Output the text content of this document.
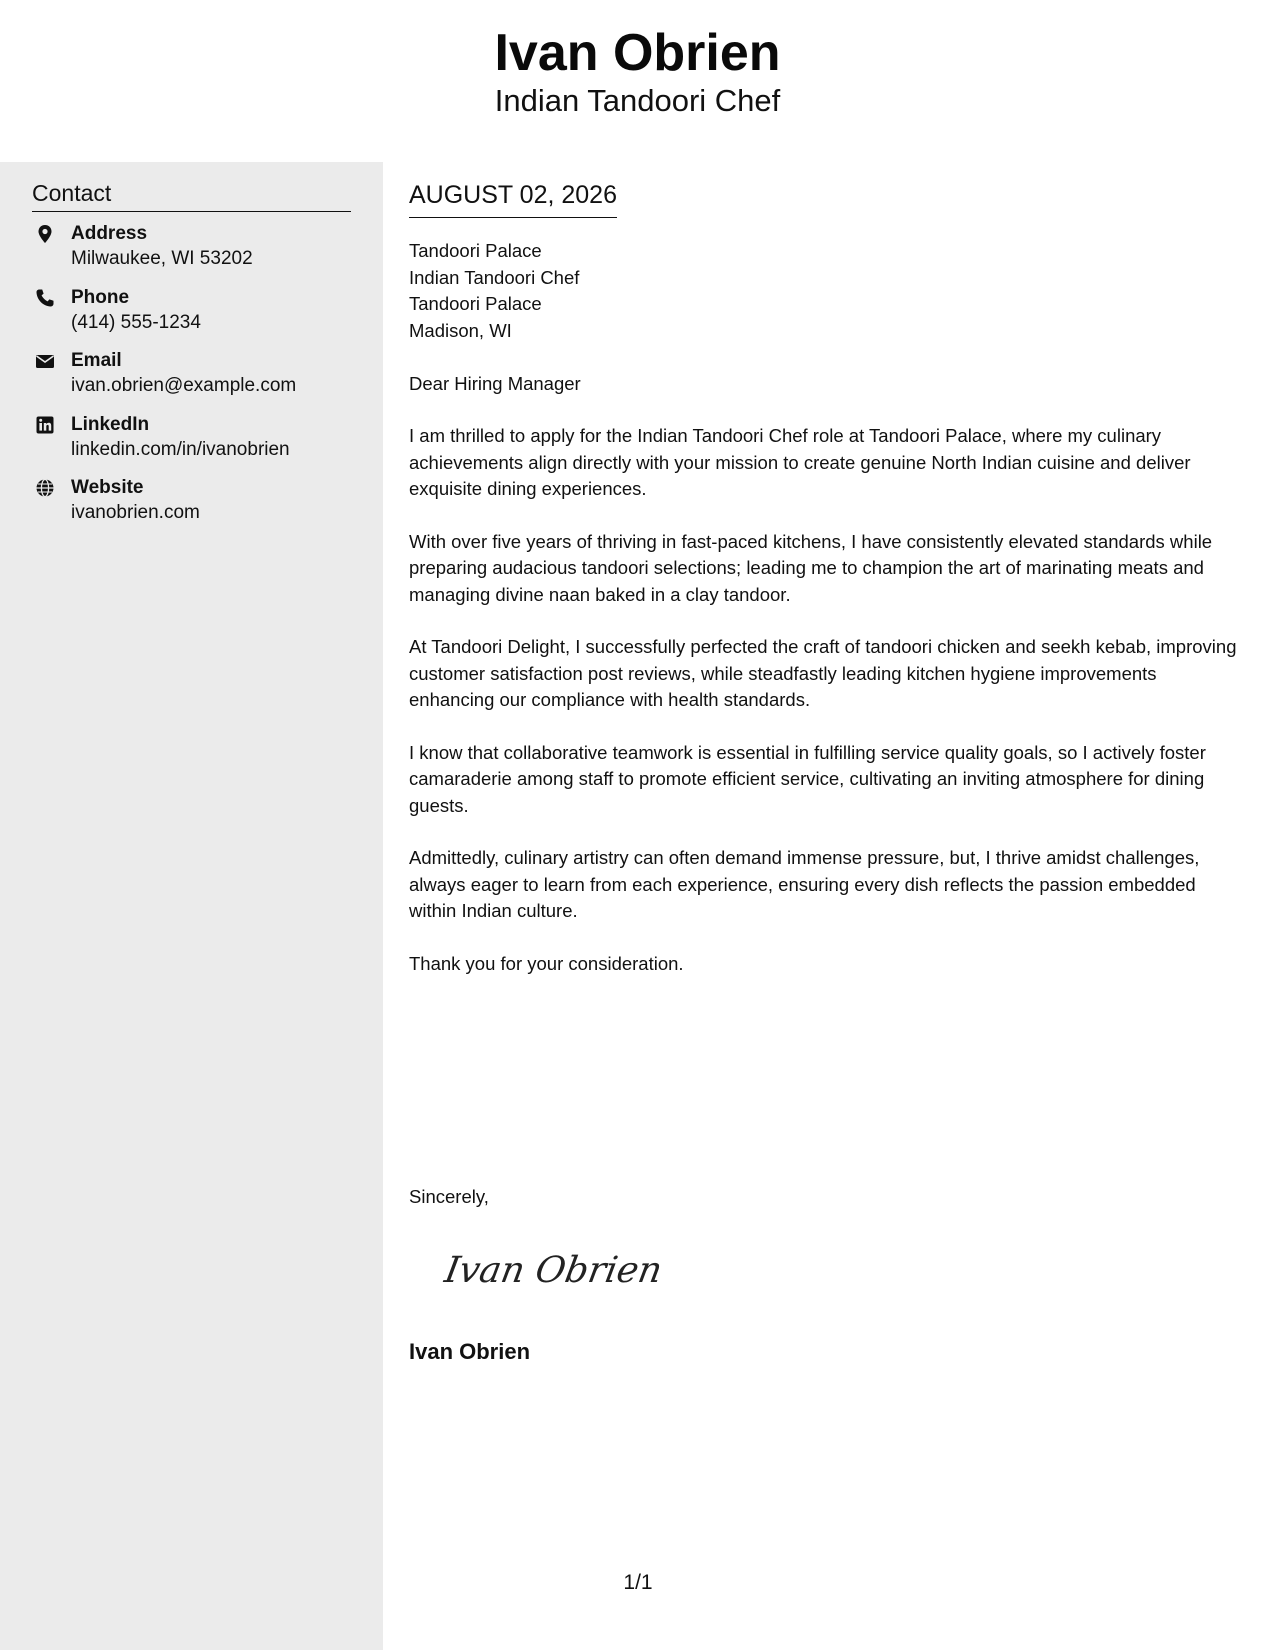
Ivan Obrien
Indian Tandoori Chef
Contact
Address
Milwaukee, WI 53202
Phone
(414) 555-1234
Email
ivan.obrien@example.com
LinkedIn
linkedin.com/in/ivanobrien
Website
ivanobrien.com
AUGUST 02, 2026
Tandoori Palace
Indian Tandoori Chef
Tandoori Palace
Madison, WI
Dear Hiring Manager

I am thrilled to apply for the Indian Tandoori Chef role at Tandoori Palace, where my culinary achievements align directly with your mission to create genuine North Indian cuisine and deliver exquisite dining experiences.

With over five years of thriving in fast-paced kitchens, I have consistently elevated standards while preparing audacious tandoori selections; leading me to champion the art of marinating meats and managing divine naan baked in a clay tandoor.

At Tandoori Delight, I successfully perfected the craft of tandoori chicken and seekh kebab, improving customer satisfaction post reviews, while steadfastly leading kitchen hygiene improvements enhancing our compliance with health standards.

I know that collaborative teamwork is essential in fulfilling service quality goals, so I actively foster camaraderie among staff to promote efficient service, cultivating an inviting atmosphere for dining guests.

Admittedly, culinary artistry can often demand immense pressure, but, I thrive amidst challenges, always eager to learn from each experience, ensuring every dish reflects the passion embedded within Indian culture.

Thank you for your consideration.

Sincerely,
Ivan Obrien
Ivan Obrien
1/1
